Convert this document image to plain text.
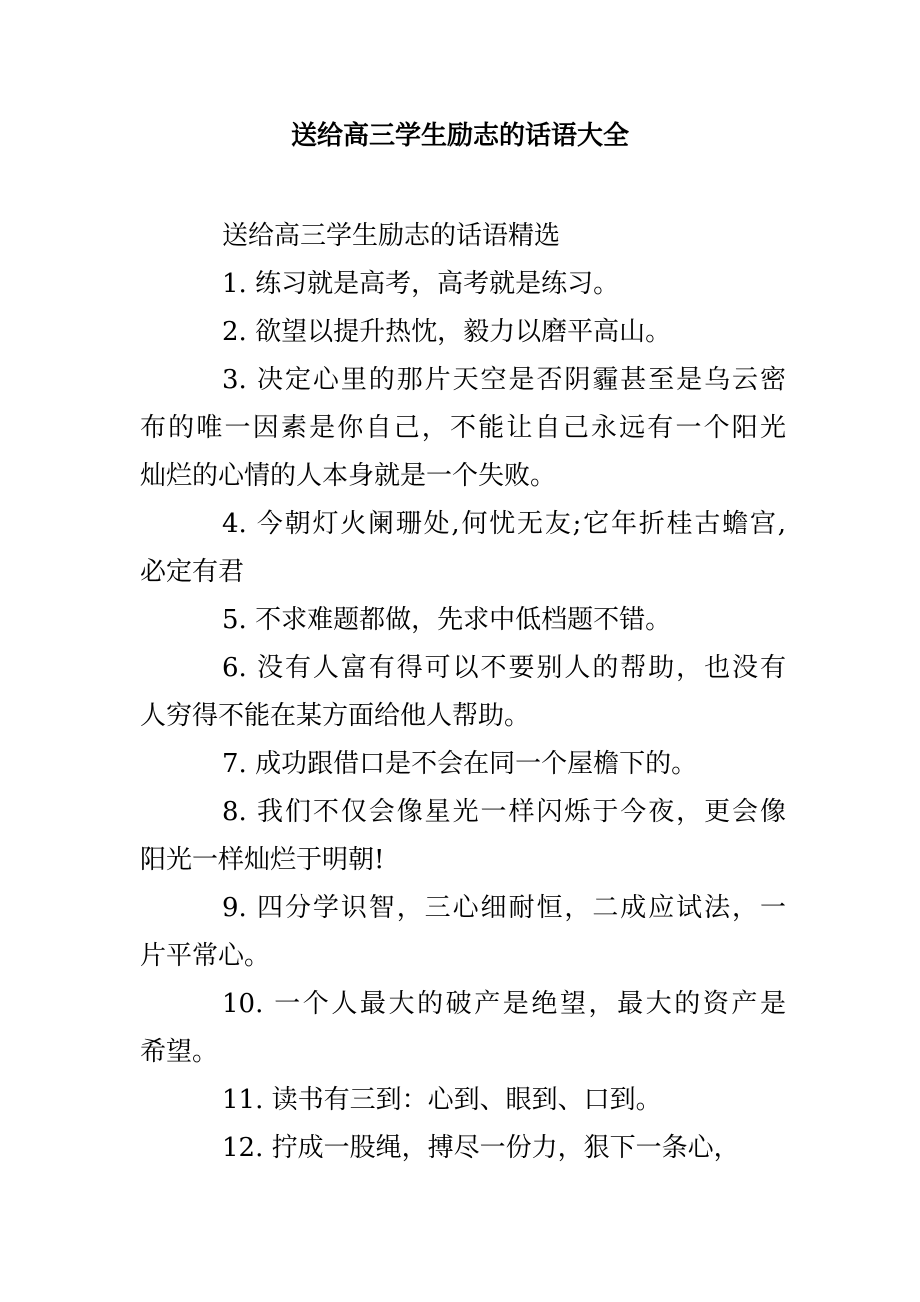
送给高三学生励志的话语大全
送给高三学生励志的话语精选
1. 练习就是高考，高考就是练习。
2. 欲望以提升热忱，毅力以磨平高山。
3. 决定心里的那片天空是否阴霾甚至是乌云密
布的唯一因素是你自己，不能让自己永远有一个阳光
灿烂的心情的人本身就是一个失败。
4. 今朝灯火阑珊处,何忧无友;它年折桂古蟾宫,
必定有君
5. 不求难题都做，先求中低档题不错。
6. 没有人富有得可以不要别人的帮助，也没有
人穷得不能在某方面给他人帮助。
7. 成功跟借口是不会在同一个屋檐下的。
8. 我们不仅会像星光一样闪烁于今夜，更会像
阳光一样灿烂于明朝!
9. 四分学识智，三心细耐恒，二成应试法，一
片平常心。
10. 一个人最大的破产是绝望，最大的资产是
希望。
11. 读书有三到：心到、眼到、口到。
12. 拧成一股绳，搏尽一份力，狠下一条心，
